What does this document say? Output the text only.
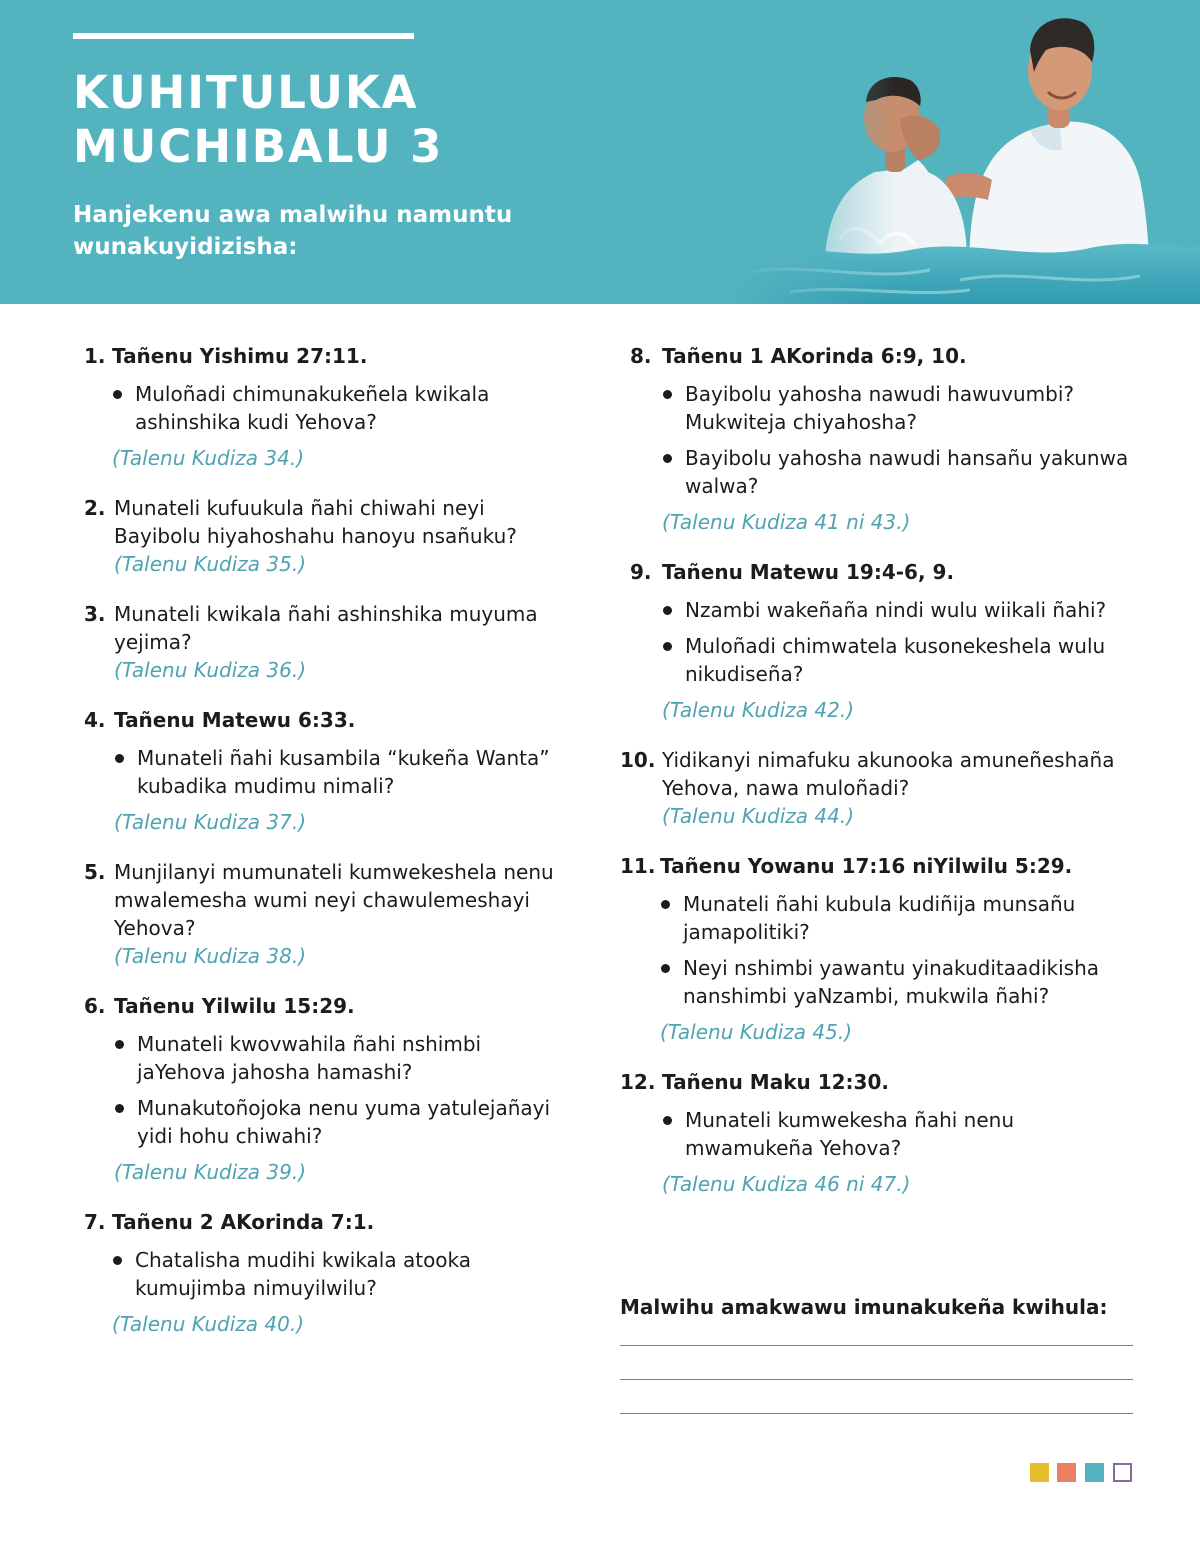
KUHITULUKA
MUCHIBALU 3

Hanjekenu awa malwihu namuntu wunakuyidizisha:

1. Tañenu Yishimu 27:11.
Muloñadi chimunakukeñela kwikala ashinshika kudi Yehova?
(Talenu Kudiza 34.)
2. Munateli kufuukula ñahi chiwahi neyi Bayibolu hiyahoshahu hanoyu nsañuku?
(Talenu Kudiza 35.)
3. Munateli kwikala ñahi ashinshika muyuma yejima?
(Talenu Kudiza 36.)
4. Tañenu Matewu 6:33.
Munateli ñahi kusambila “kukeña Wanta” kubadika mudimu nimali?
(Talenu Kudiza 37.)
5. Munjilanyi mumunateli kumwekeshela nenu mwalemesha wumi neyi chawulemeshayi Yehova?
(Talenu Kudiza 38.)
6. Tañenu Yilwilu 15:29.
Munateli kwovwahila ñahi nshimbi jaYehova jahosha hamashi?
Munakutoñojoka nenu yuma yatulejañayi yidi hohu chiwahi?
(Talenu Kudiza 39.)
7. Tañenu 2 AKorinda 7:1.
Chatalisha mudihi kwikala atooka kumujimba nimuyilwilu?
(Talenu Kudiza 40.)
8. Tañenu 1 AKorinda 6:9, 10.
Bayibolu yahosha nawudi hawuvumbi? Mukwiteja chiyahosha?
Bayibolu yahosha nawudi hansañu yakunwa walwa?
(Talenu Kudiza 41 ni 43.)
9. Tañenu Matewu 19:4-6, 9.
Nzambi wakeñaña nindi wulu wiikali ñahi?
Muloñadi chimwatela kusonekeshela wulu nikudiseña?
(Talenu Kudiza 42.)
10. Yidikanyi nimafuku akunooka amuneñeshaña Yehova, nawa muloñadi?
(Talenu Kudiza 44.)
11. Tañenu Yowanu 17:16 niYilwilu 5:29.
Munateli ñahi kubula kudiñija munsañu jamapolitiki?
Neyi nshimbi yawantu yinakuditaadikisha nanshimbi yaNzambi, mukwila ñahi?
(Talenu Kudiza 45.)
12. Tañenu Maku 12:30.
Munateli kumwekesha ñahi nenu mwamukeña Yehova?
(Talenu Kudiza 46 ni 47.)
Malwihu amakwawu imunakukeña kwihula:
